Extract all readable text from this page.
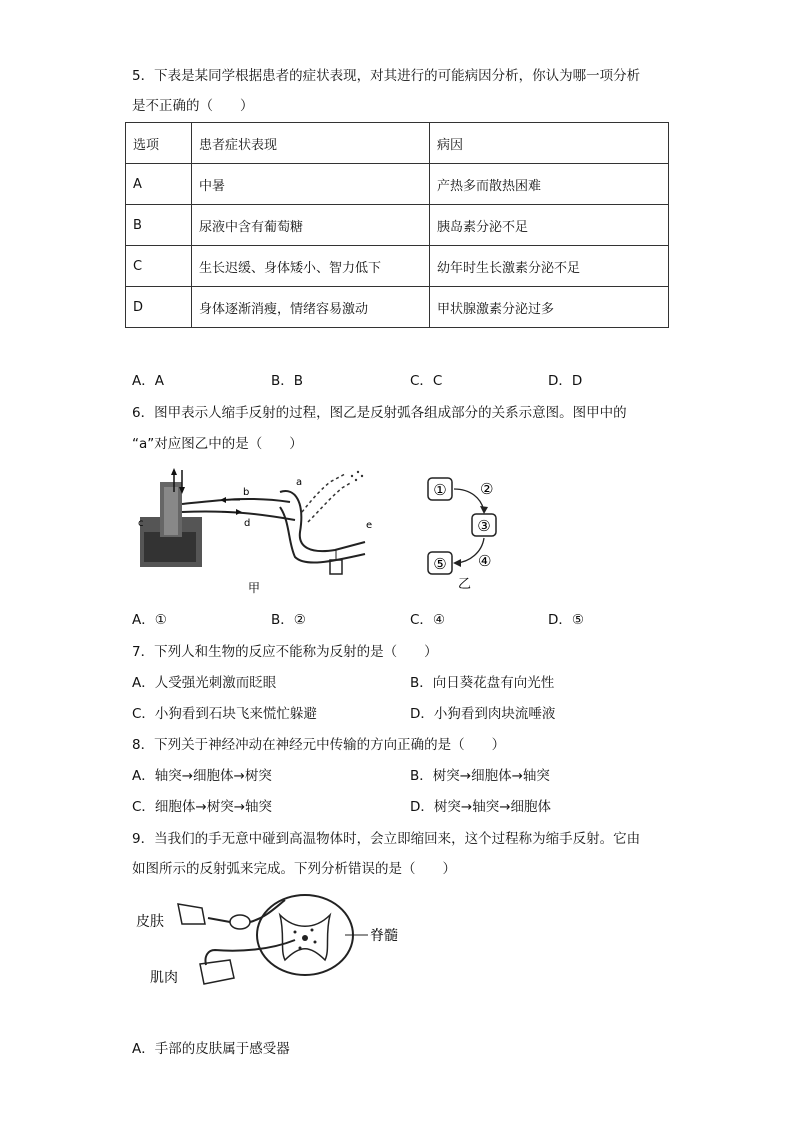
5．下表是某同学根据患者的症状表现，对其进行的可能病因分析，你认为哪一项分析
是不正确的（　　）
选项	患者症状表现	病因
A	中暑	产热多而散热困难
B	尿液中含有葡萄糖	胰岛素分泌不足
C	生长迟缓、身体矮小、智力低下	幼年时生长激素分泌不足
D	身体逐渐消瘦，情绪容易激动	甲状腺激素分泌过多
A．A	B．B	C．C	D．D
6．图甲表示人缩手反射的过程，图乙是反射弧各组成部分的关系示意图。图甲中的
“a”对应图乙中的是（　　）
b
c	d
a
e
甲
①
③
⑤
②
④
乙
A．①	B．②	C．④	D．⑤
7．下列人和生物的反应不能称为反射的是（　　）
A．人受强光刺激而眨眼	B．向日葵花盘有向光性
C．小狗看到石块飞来慌忙躲避	D．小狗看到肉块流唾液
8．下列关于神经冲动在神经元中传输的方向正确的是（　　）
A．轴突→细胞体→树突	B．树突→细胞体→轴突
C．细胞体→树突→轴突	D．树突→轴突→细胞体
9．当我们的手无意中碰到高温物体时，会立即缩回来，这个过程称为缩手反射。它由
如图所示的反射弧来完成。下列分析错误的是（　　）
皮肤
脊髓
肌肉
A．手部的皮肤属于感受器
